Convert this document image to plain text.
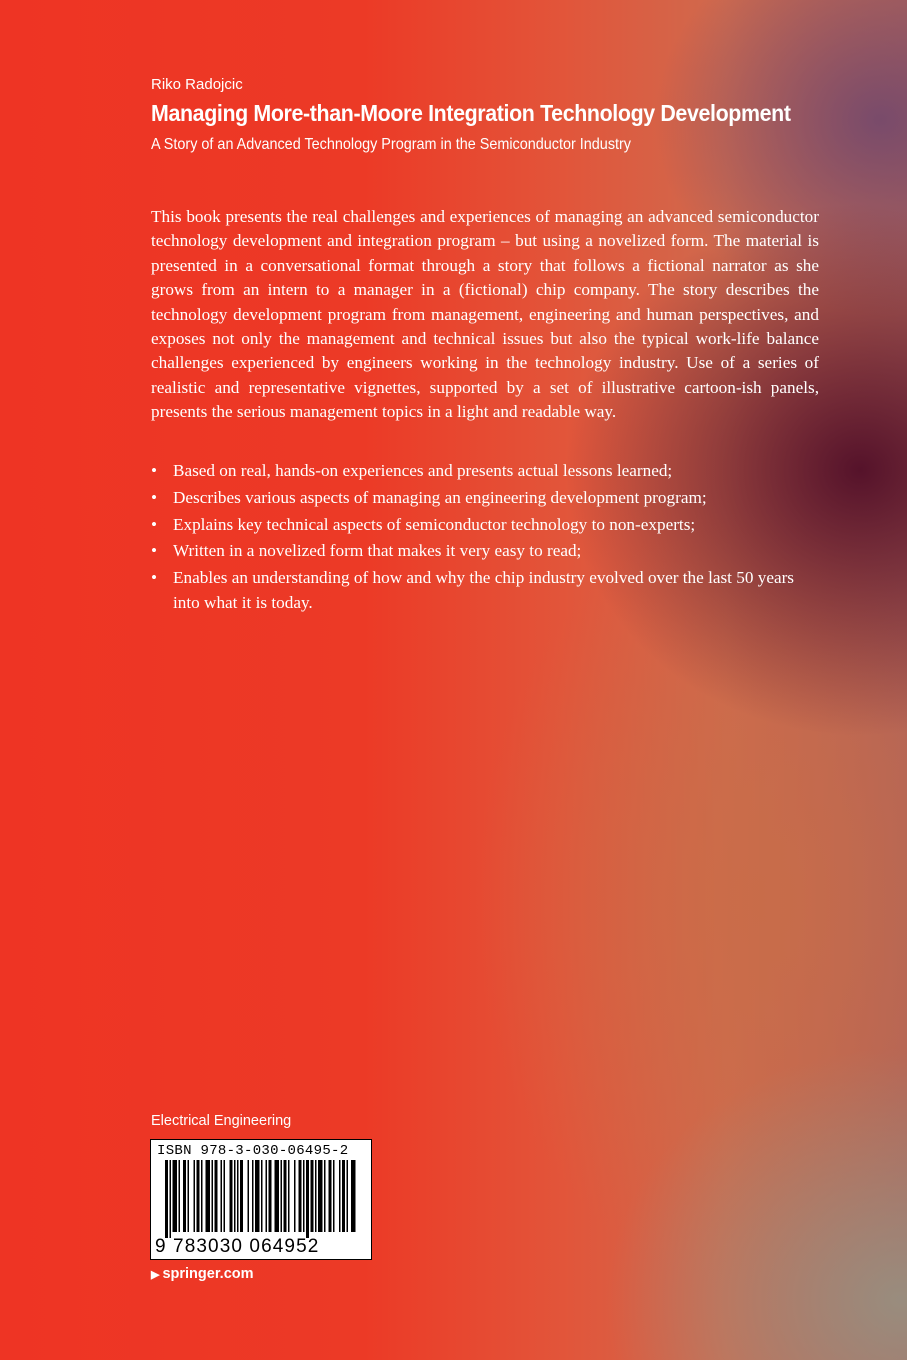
Riko Radojcic
Managing More-than-Moore Integration Technology Development
A Story of an Advanced Technology Program in the Semiconductor Industry

This book presents the real challenges and experiences of managing an advanced semiconductor technology development and integration program – but using a novelized form. The material is presented in a conversational format through a story that follows a fictional narrator as she grows from an intern to a manager in a (fictional) chip company. The story describes the technology development program from management, engineering and human perspectives, and exposes not only the management and technical issues but also the typical work-life balance challenges experienced by engineers working in the technology industry. Use of a series of realistic and representative vignettes, supported by a set of illustrative cartoon-ish panels, presents the serious management topics in a light and readable way.

• Based on real, hands-on experiences and presents actual lessons learned;
• Describes various aspects of managing an engineering development program;
• Explains key technical aspects of semiconductor technology to non-experts;
• Written in a novelized form that makes it very easy to read;
• Enables an understanding of how and why the chip industry evolved over the last 50 years into what it is today.
Electrical Engineering
ISBN 978-3-030-06495-2
9 783030 064952
▶ springer.com
